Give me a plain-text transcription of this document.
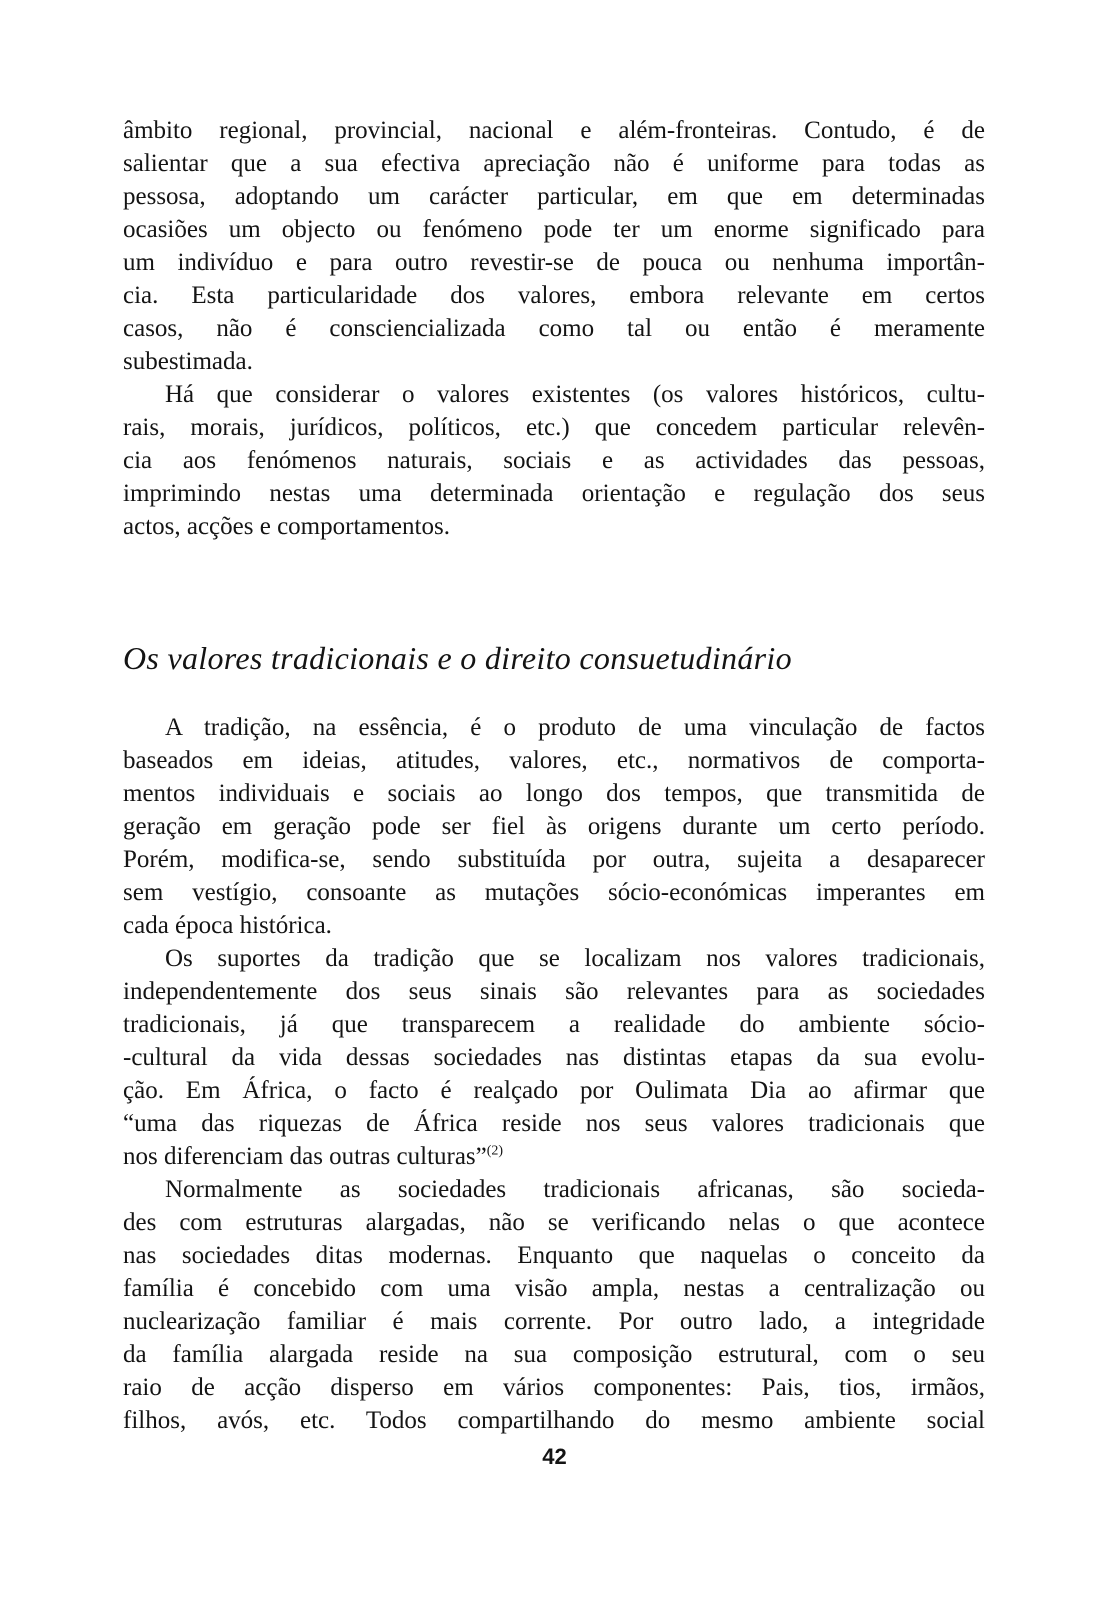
âmbito regional, provincial, nacional e além-fronteiras. Contudo, é de
salientar que a sua efectiva apreciação não é uniforme para todas as
pessosa, adoptando um carácter particular, em que em determinadas
ocasiões um objecto ou fenómeno pode ter um enorme significado para
um indivíduo e para outro revestir-se de pouca ou nenhuma importân-
cia. Esta particularidade dos valores, embora relevante em certos
casos, não é consciencializada como tal ou então é meramente
subestimada.
Há que considerar o valores existentes (os valores históricos, cultu-
rais, morais, jurídicos, políticos, etc.) que concedem particular relevên-
cia aos fenómenos naturais, sociais e as actividades das pessoas,
imprimindo nestas uma determinada orientação e regulação dos seus
actos, acções e comportamentos.
Os valores tradicionais e o direito consuetudinário
A tradição, na essência, é o produto de uma vinculação de factos
baseados em ideias, atitudes, valores, etc., normativos de comporta-
mentos individuais e sociais ao longo dos tempos, que transmitida de
geração em geração pode ser fiel às origens durante um certo período.
Porém, modifica-se, sendo substituída por outra, sujeita a desaparecer
sem vestígio, consoante as mutações sócio-económicas imperantes em
cada época histórica.
Os suportes da tradição que se localizam nos valores tradicionais,
independentemente dos seus sinais são relevantes para as sociedades
tradicionais, já que transparecem a realidade do ambiente sócio-
-cultural da vida dessas sociedades nas distintas etapas da sua evolu-
ção. Em África, o facto é realçado por Oulimata Dia ao afirmar que
“uma das riquezas de África reside nos seus valores tradicionais que
nos diferenciam das outras culturas”$^{(2)}$
Normalmente as sociedades tradicionais africanas, são socieda-
des com estruturas alargadas, não se verificando nelas o que acontece
nas sociedades ditas modernas. Enquanto que naquelas o conceito da
família é concebido com uma visão ampla, nestas a centralização ou
nuclearização familiar é mais corrente. Por outro lado, a integridade
da família alargada reside na sua composição estrutural, com o seu
raio de acção disperso em vários componentes: Pais, tios, irmãos,
filhos, avós, etc. Todos compartilhando do mesmo ambiente social
42
